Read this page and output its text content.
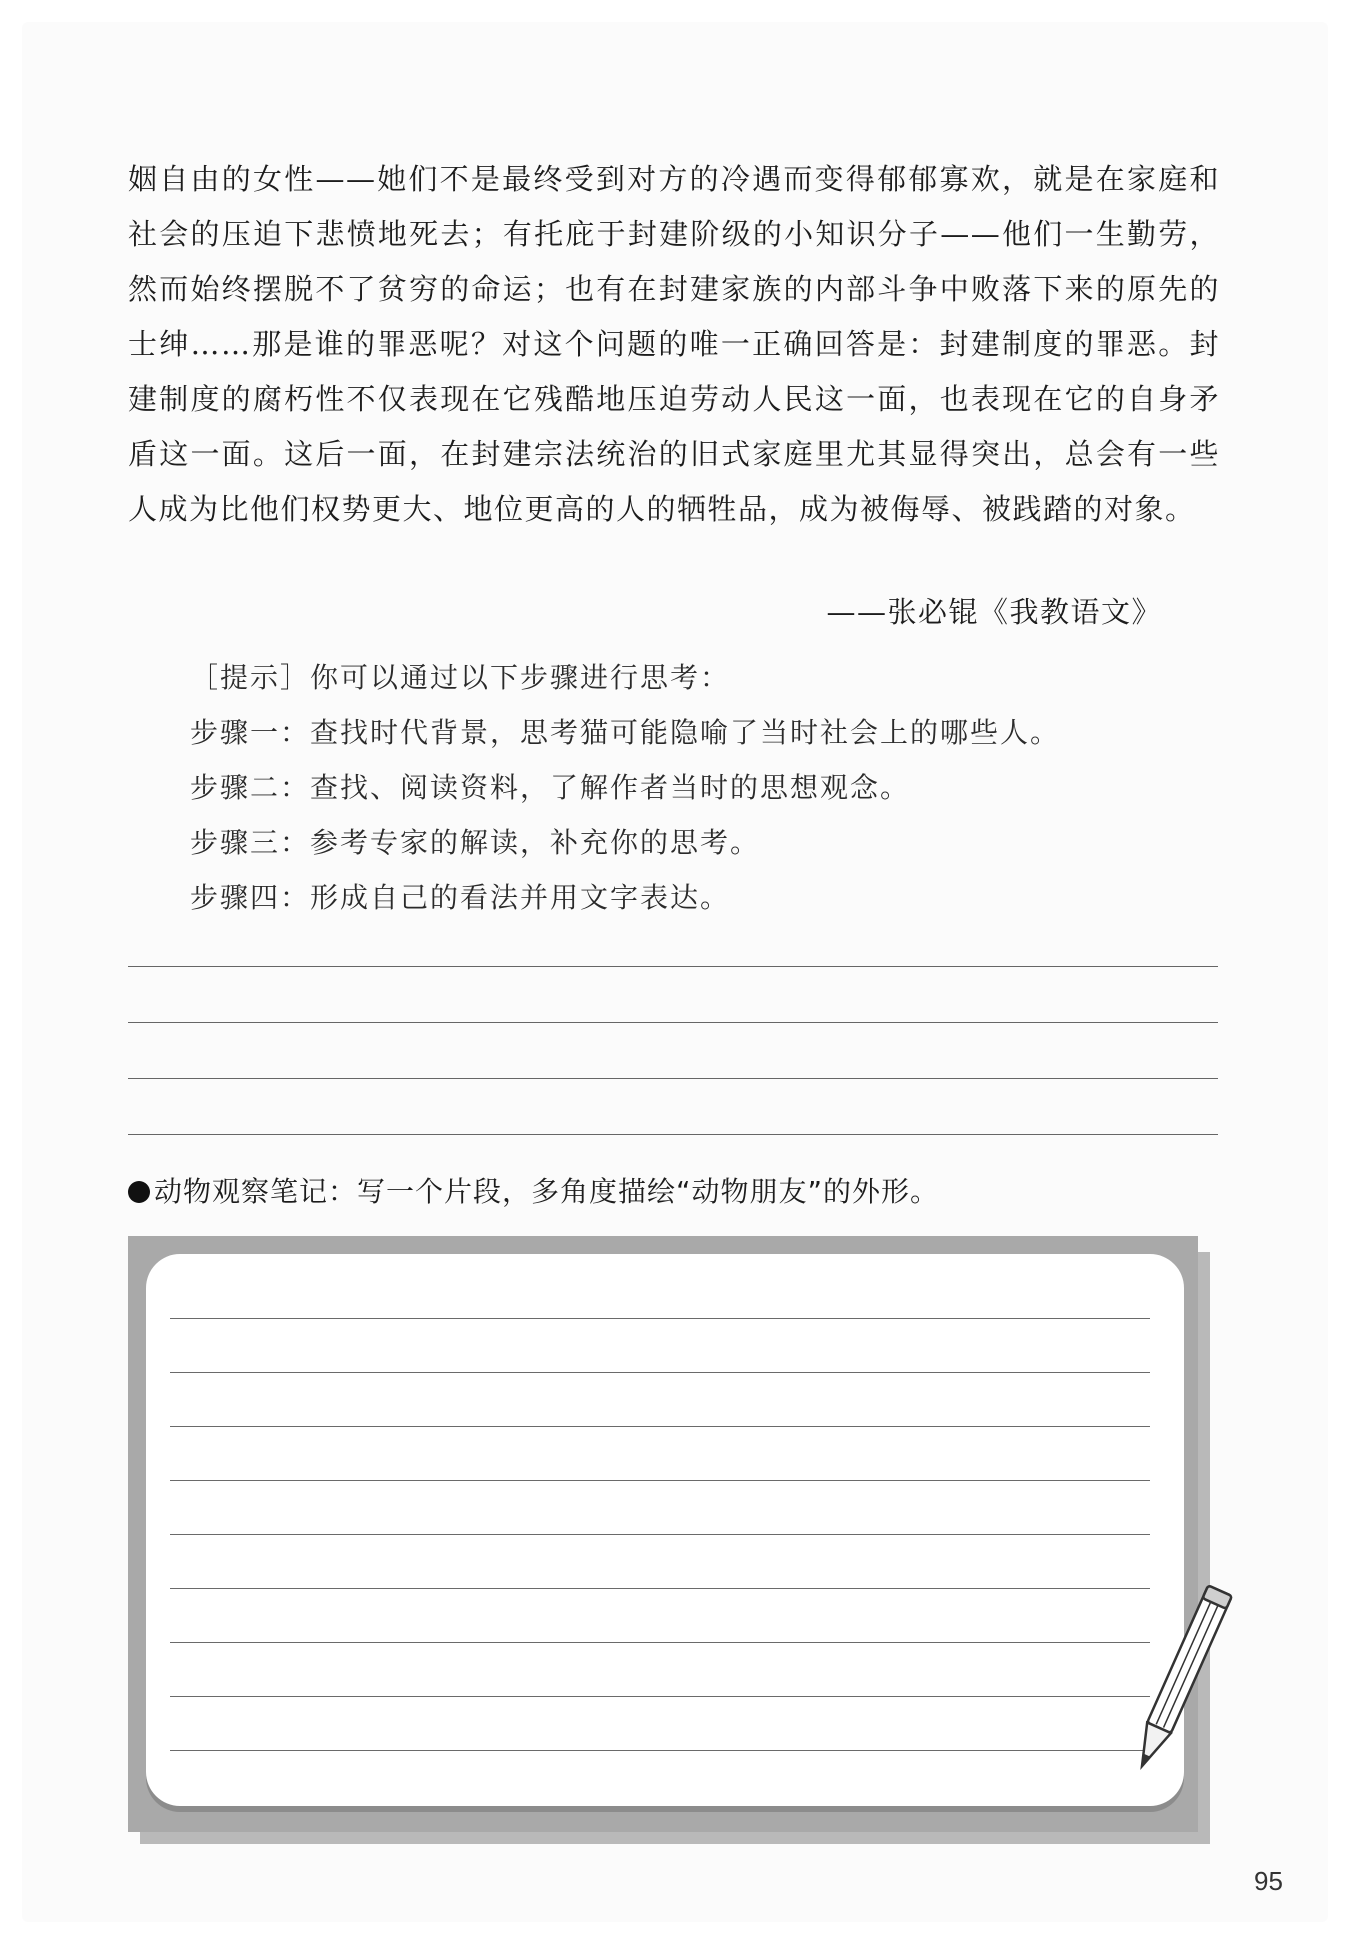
姻自由的女性——她们不是最终受到对方的冷遇而变得郁郁寡欢，就是在家庭和社会的压迫下悲愤地死去；有托庇于封建阶级的小知识分子——他们一生勤劳，然而始终摆脱不了贫穷的命运；也有在封建家族的内部斗争中败落下来的原先的士绅……那是谁的罪恶呢？对这个问题的唯一正确回答是：封建制度的罪恶。封建制度的腐朽性不仅表现在它残酷地压迫劳动人民这一面，也表现在它的自身矛盾这一面。这后一面，在封建宗法统治的旧式家庭里尤其显得突出，总会有一些人成为比他们权势更大、地位更高的人的牺牲品，成为被侮辱、被践踏的对象。

——张必锟《我教语文》
［提示］你可以通过以下步骤进行思考：
步骤一：查找时代背景，思考猫可能隐喻了当时社会上的哪些人。
步骤二：查找、阅读资料，了解作者当时的思想观念。
步骤三：参考专家的解读，补充你的思考。
步骤四：形成自己的看法并用文字表达。
动物观察笔记：写一个片段，多角度描绘“动物朋友”的外形。
95
